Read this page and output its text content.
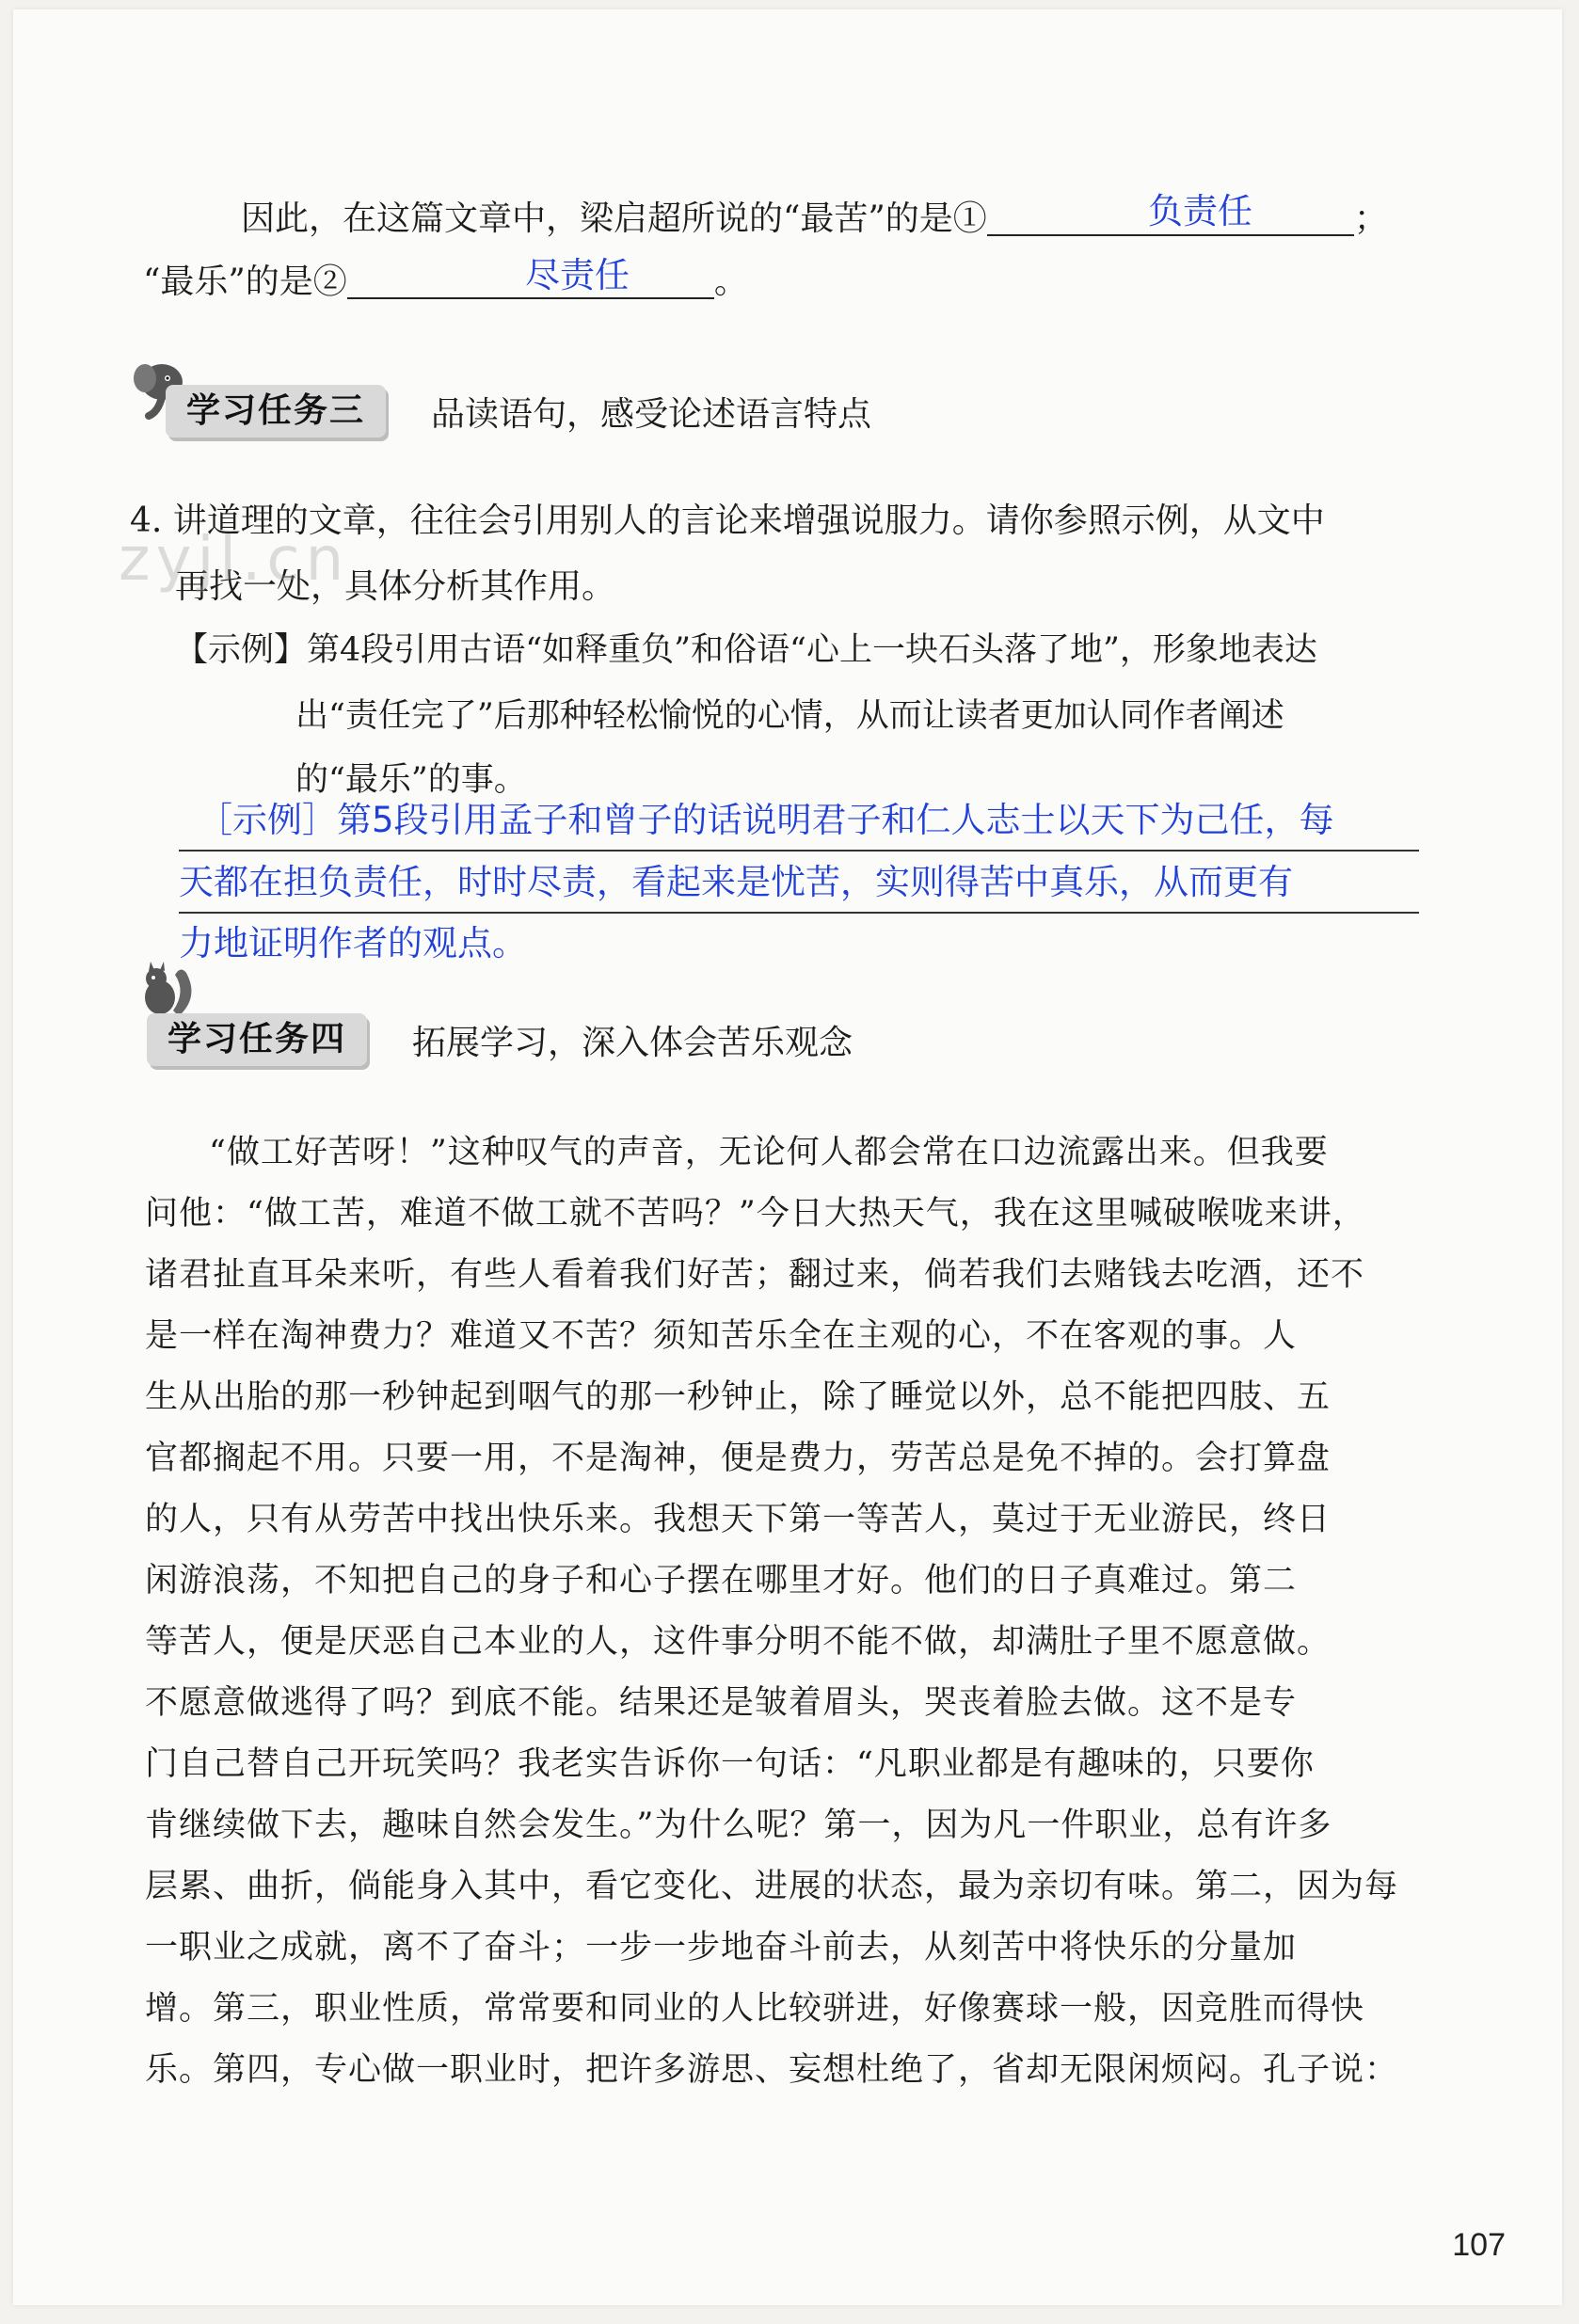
因此，在这篇文章中，梁启超所说的“最苦”的是①	；
负责任
“最乐”的是②	。
尽责任
学习任务三	品读语句，感受论述语言特点
4. 讲道理的文章，往往会引用别人的言论来增强说服力。请你参照示例，从文中
再找一处，具体分析其作用。
zyjl.cn
【示例】第4段引用古语“如释重负”和俗语“心上一块石头落了地”，形象地表达
出“责任完了”后那种轻松愉悦的心情，从而让读者更加认同作者阐述
的“最乐”的事。
［示例］第5段引用孟子和曾子的话说明君子和仁人志士以天下为己任，每
天都在担负责任，时时尽责，看起来是忧苦，实则得苦中真乐，从而更有
力地证明作者的观点。
学习任务四	拓展学习，深入体会苦乐观念
“做工好苦呀！”这种叹气的声音，无论何人都会常在口边流露出来。但我要
问他：“做工苦，难道不做工就不苦吗？”今日大热天气，我在这里喊破喉咙来讲，
诸君扯直耳朵来听，有些人看着我们好苦；翻过来，倘若我们去赌钱去吃酒，还不
是一样在淘神费力？难道又不苦？须知苦乐全在主观的心，不在客观的事。人
生从出胎的那一秒钟起到咽气的那一秒钟止，除了睡觉以外，总不能把四肢、五
官都搁起不用。只要一用，不是淘神，便是费力，劳苦总是免不掉的。会打算盘
的人，只有从劳苦中找出快乐来。我想天下第一等苦人，莫过于无业游民，终日
闲游浪荡，不知把自己的身子和心子摆在哪里才好。他们的日子真难过。第二
等苦人，便是厌恶自己本业的人，这件事分明不能不做，却满肚子里不愿意做。
不愿意做逃得了吗？到底不能。结果还是皱着眉头，哭丧着脸去做。这不是专
门自己替自己开玩笑吗？我老实告诉你一句话：“凡职业都是有趣味的，只要你
肯继续做下去，趣味自然会发生。”为什么呢？第一，因为凡一件职业，总有许多
层累、曲折，倘能身入其中，看它变化、进展的状态，最为亲切有味。第二，因为每
一职业之成就，离不了奋斗；一步一步地奋斗前去，从刻苦中将快乐的分量加
增。第三，职业性质，常常要和同业的人比较骈进，好像赛球一般，因竞胜而得快
乐。第四，专心做一职业时，把许多游思、妄想杜绝了，省却无限闲烦闷。孔子说：
107
